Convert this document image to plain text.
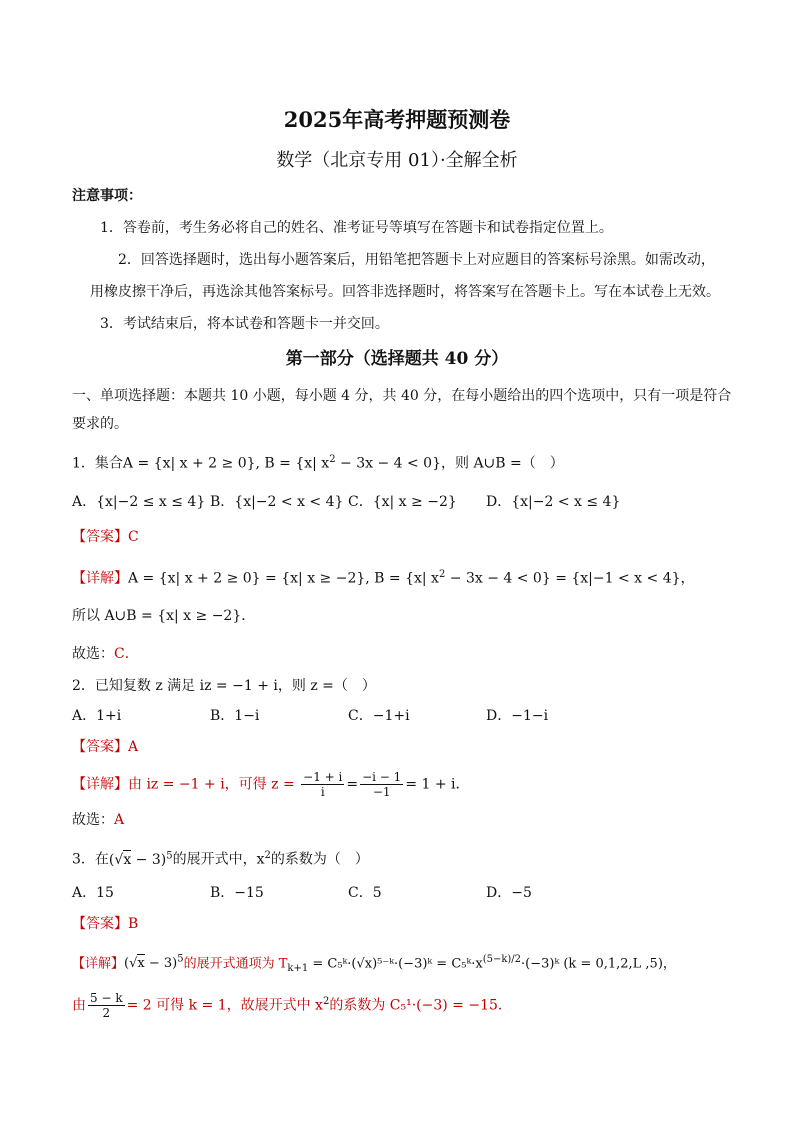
2025年高考押题预测卷
数学（北京专用 01）·全解全析
注意事项：
1．答卷前，考生务必将自己的姓名、准考证号等填写在答题卡和试卷指定位置上。
2．回答选择题时，选出每小题答案后，用铅笔把答题卡上对应题目的答案标号涂黑。如需改动，
用橡皮擦干净后，再选涂其他答案标号。回答非选择题时，将答案写在答题卡上。写在本试卷上无效。
3．考试结束后，将本试卷和答题卡一并交回。
第一部分（选择题共 40 分）
一、单项选择题：本题共 10 小题，每小题 4 分，共 40 分，在每小题给出的四个选项中，只有一项是符合
要求的。
1．集合A = {x| x + 2 ≥ 0}, B = {x| $x^2 - 3x - 4 < 0$}，则 A∪B =（　）
A．{x|−2 ≤ x ≤ 4} B．{x|−2 < x < 4} C．{x| x ≥ −2} D．{x|−2 < x ≤ 4}
【答案】C
【详解】A = {x| x + 2 ≥ 0} = {x| x ≥ −2}, B = {x| $x^2 - 3x - 4 < 0\} = \{x|-1 < x < 4\}$，
所以 A∪B = {x| x ≥ −2}．
故选：C．
2．已知复数 z 满足 iz = −1 + i，则 z =（　）
A．1+i	B．1−i	C．−1+i	D．−1−i
【答案】A
【详解】由 iz = −1 + i，可得 $z = \frac{-1 + i}{i} = \frac{-i - 1}{-1} = 1 + i$．
故选：A
3．在$(√x - 3)^5$的展开式中，$x^2$的系数为（　）
A．15	B．−15	C．5	D．−5
【答案】B
【详解】$(√x - 3)^5$的展开式通项为 $T_{k+1}$ = C₅ᵏ·(√x)⁵⁻ᵏ·(−3)ᵏ = $C_5ᵏ\cdot x^{(5-k)/2}\cdot(-3)ᵏ$ (k = 0,1,2,L ,5)，
由 $\frac{5 - k}{2} = 2$ 可得 k = 1，故展开式中 $x^2$的系数为 C₅¹·(−3) = −15．
